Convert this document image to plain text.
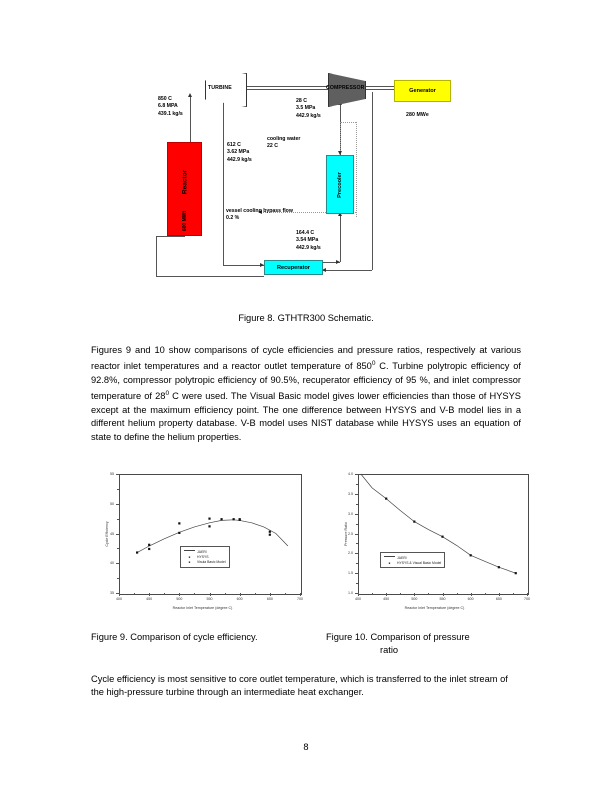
TURBINE	COMPRESSOR	Generator
280 MWe
Reactor
600 MWt
Precooler
Recuperator
850 C
6.8 MPA
439.1 kg/s
612 C
3.62 MPa
442.9 kg/s
28 C
3.5 MPa
442.9 kg/s
cooling water
22 C
vessel cooling bypass flow
0.2 %
164.4 C
3.54 MPa
442.9 kg/s
Figure 8. GTHTR300 Schematic.
Figures 9 and 10 show comparisons of cycle efficiencies and pressure ratios, respectively at various reactor inlet temperatures and a reactor outlet temperature of $850^0$ C. Turbine polytropic efficiency of 92.8%, compressor polytropic efficiency of 90.5%, recuperator efficiency of 95 %, and inlet compressor temperature of $28^0$ C were used. The Visual Basic model gives lower efficiencies than those of HYSYS except at the maximum efficiency point. The one difference between HYSYS and V-B model lies in a different helium property database. V-B model uses NIST database while HYSYS uses an equation of state to define the helium properties.
400	450	500	550	600	650	700
35
40
45
50
55
Reactor Inlet Temperature (degree C)
Cycle Efficiency
JAERI
■	HYSYS
■	Visula Basic Model
400	450	500	550	600	650	700
1.0
1.5
2.0
2.5
3.0
3.5
4.0
Reactor Inlet Temperature (degree C)
Pressure Ratio
JAERI
■	HYSYS & Visual Basic Model
Figure 9. Comparison of cycle efficiency.	Figure 10. Comparison of pressure
ratio
Cycle efficiency is most sensitive to core outlet temperature, which is transferred to the inlet stream of the high-pressure turbine through an intermediate heat exchanger.
8
